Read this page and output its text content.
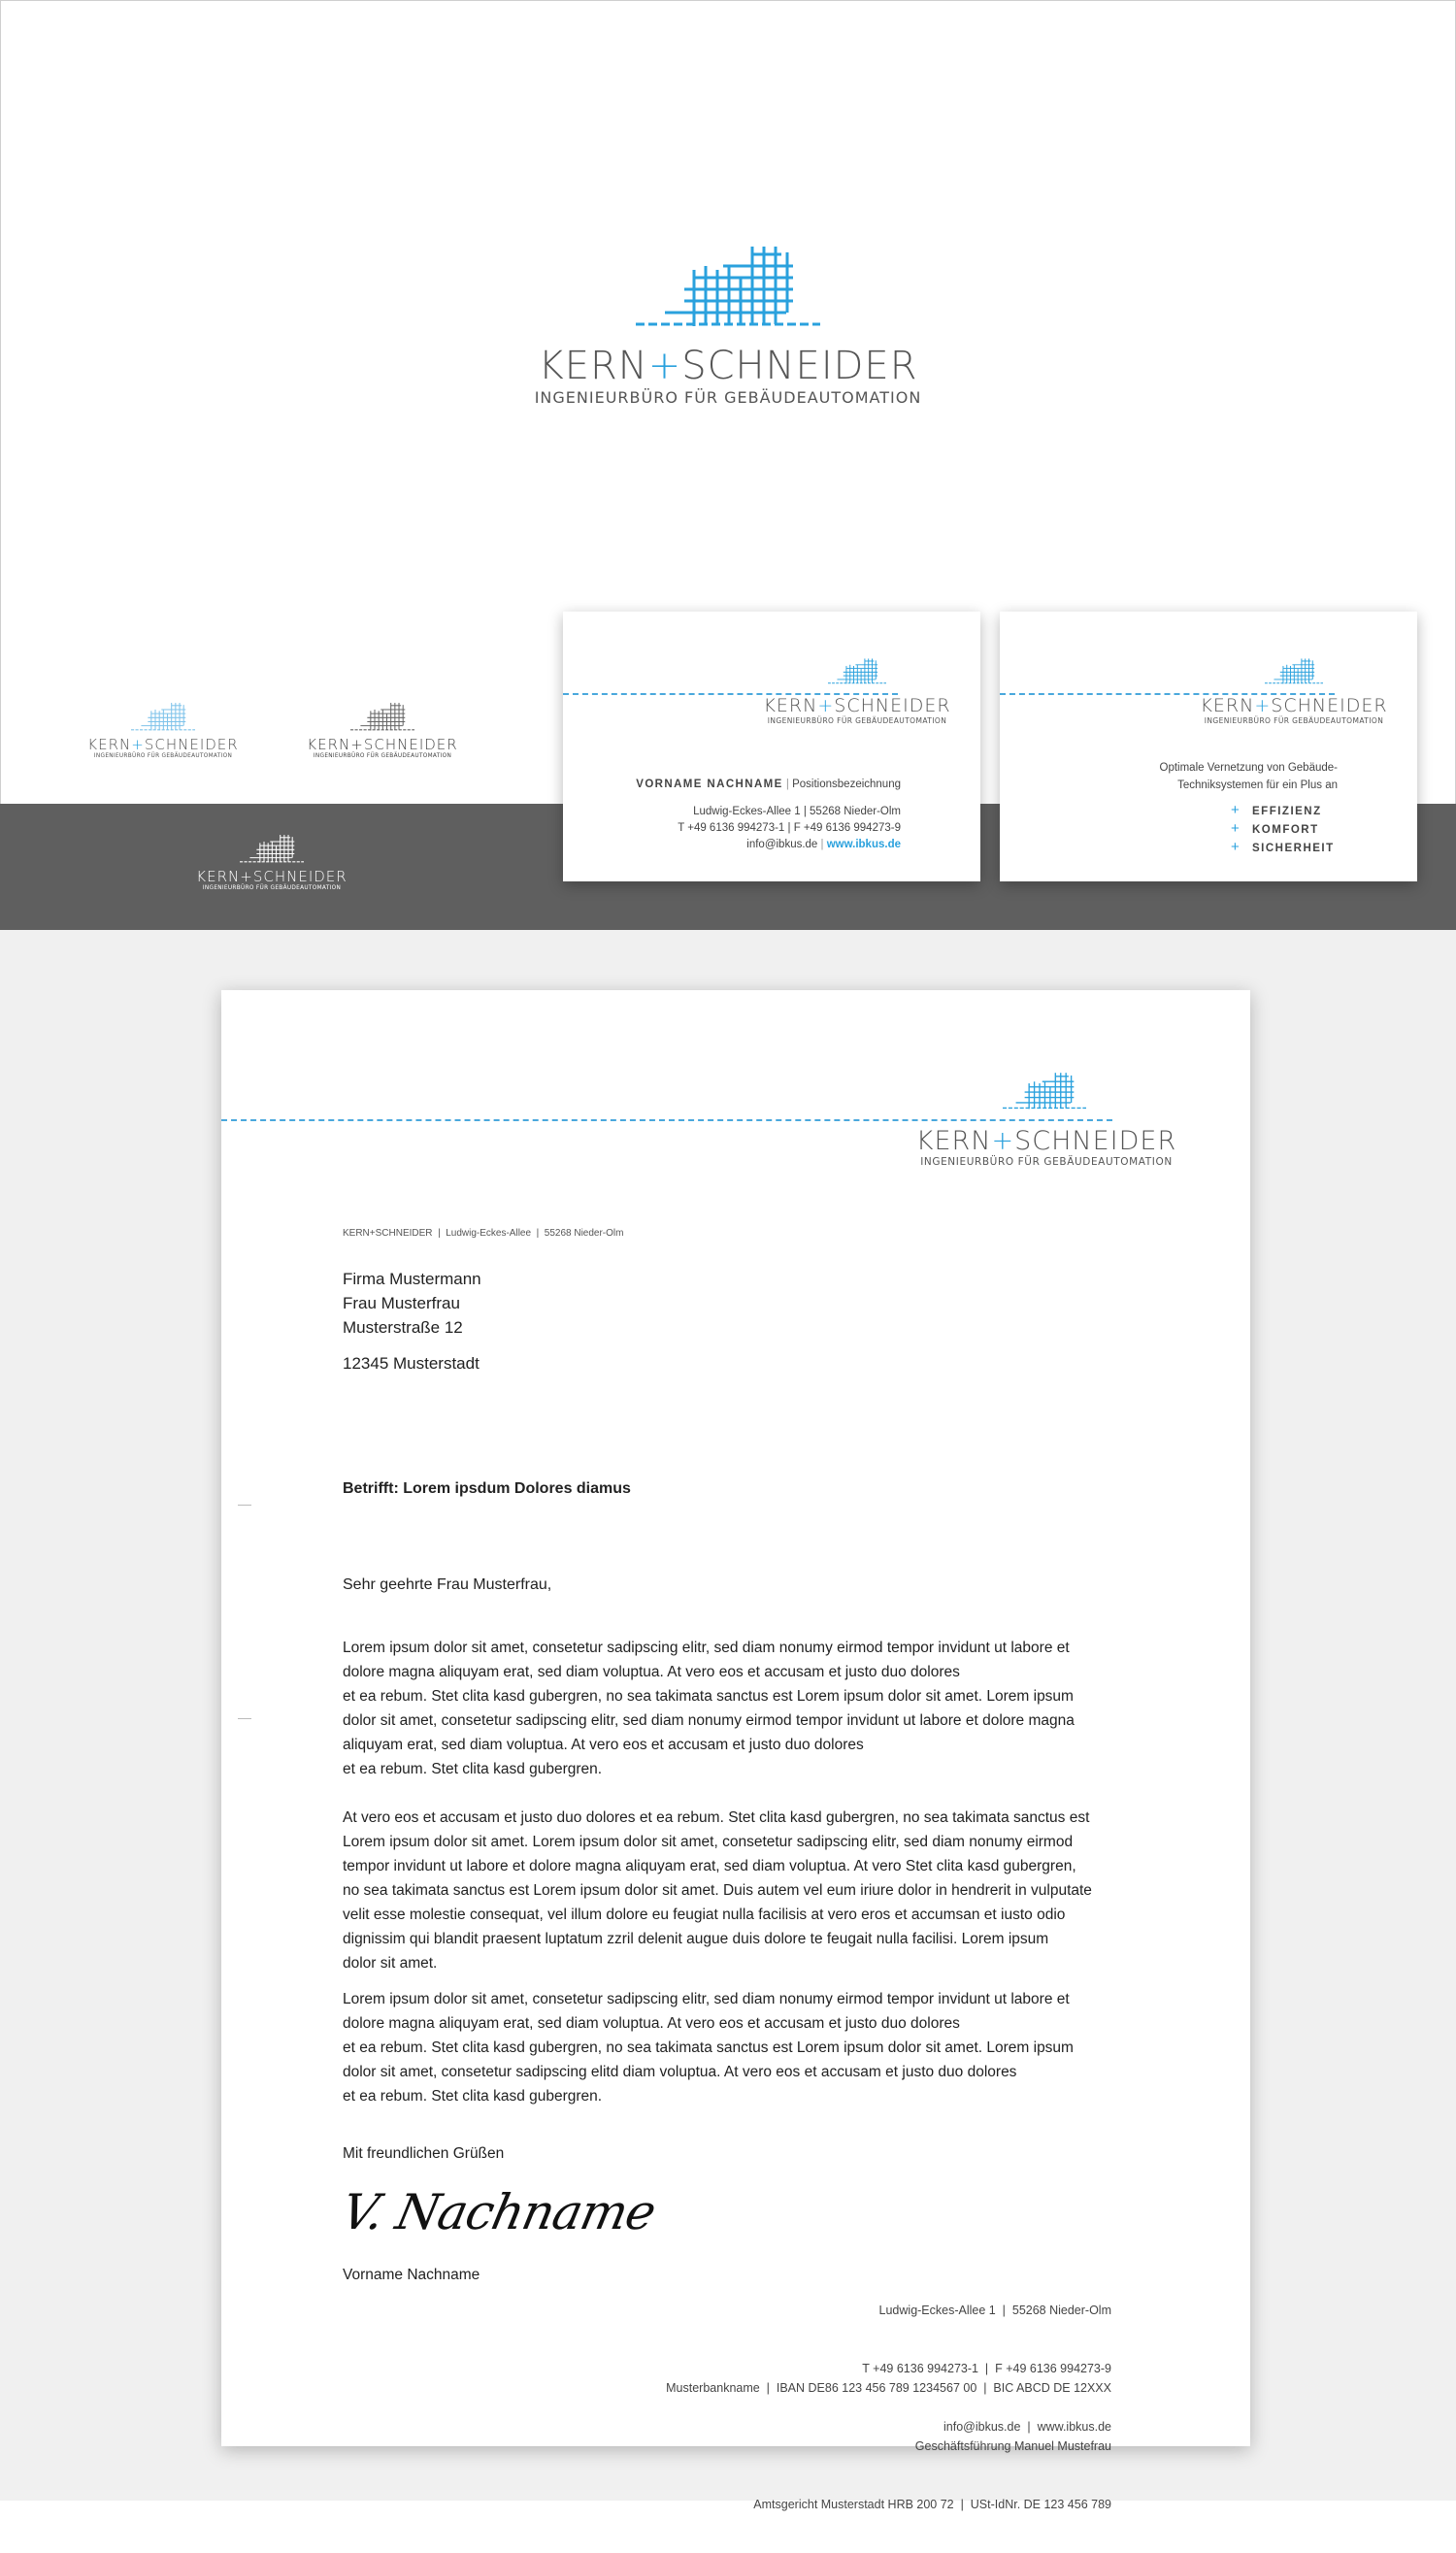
KERN+SCHNEIDER
INGENIEURBÜRO FÜR GEBÄUDEAUTOMATION
KERN+SCHNEIDER
INGENIEURBÜRO FÜR GEBÄUDEAUTOMATION
KERN+SCHNEIDER
INGENIEURBÜRO FÜR GEBÄUDEAUTOMATION
KERN+SCHNEIDER
INGENIEURBÜRO FÜR GEBÄUDEAUTOMATION
KERN+SCHNEIDER
INGENIEURBÜRO FÜR GEBÄUDEAUTOMATION
VORNAME NACHNAME | Positionsbezeichnung
Ludwig-Eckes-Allee 1 | 55268 Nieder-Olm
T +49 6136 994273-1 | F +49 6136 994273-9
info@ibkus.de | www.ibkus.de
KERN+SCHNEIDER
INGENIEURBÜRO FÜR GEBÄUDEAUTOMATION
Optimale Vernetzung von Gebäude-
Techniksystemen für ein Plus an
+ EFFIZIENZ
+ KOMFORT
+ SICHERHEIT
KERN+SCHNEIDER
INGENIEURBÜRO FÜR GEBÄUDEAUTOMATION
KERN+SCHNEIDER  |  Ludwig-Eckes-Allee  |  55268 Nieder-Olm
Firma Mustermann
Frau Musterfrau
Musterstraße 12
12345 Musterstadt
Betrifft: Lorem ipsdum Dolores diamus
Sehr geehrte Frau Musterfrau,
Lorem ipsum dolor sit amet, consetetur sadipscing elitr, sed diam nonumy eirmod tempor invidunt ut labore et
dolore magna aliquyam erat, sed diam voluptua. At vero eos et accusam et justo duo dolores
et ea rebum. Stet clita kasd gubergren, no sea takimata sanctus est Lorem ipsum dolor sit amet. Lorem ipsum
dolor sit amet, consetetur sadipscing elitr, sed diam nonumy eirmod tempor invidunt ut labore et dolore magna
aliquyam erat, sed diam voluptua. At vero eos et accusam et justo duo dolores
et ea rebum. Stet clita kasd gubergren.
At vero eos et accusam et justo duo dolores et ea rebum. Stet clita kasd gubergren, no sea takimata sanctus est
Lorem ipsum dolor sit amet. Lorem ipsum dolor sit amet, consetetur sadipscing elitr, sed diam nonumy eirmod
tempor invidunt ut labore et dolore magna aliquyam erat, sed diam voluptua. At vero Stet clita kasd gubergren,
no sea takimata sanctus est Lorem ipsum dolor sit amet. Duis autem vel eum iriure dolor in hendrerit in vulputate
velit esse molestie consequat, vel illum dolore eu feugiat nulla facilisis at vero eros et accumsan et iusto odio
dignissim qui blandit praesent luptatum zzril delenit augue duis dolore te feugait nulla facilisi. Lorem ipsum
dolor sit amet.
Lorem ipsum dolor sit amet, consetetur sadipscing elitr, sed diam nonumy eirmod tempor invidunt ut labore et
dolore magna aliquyam erat, sed diam voluptua. At vero eos et accusam et justo duo dolores
et ea rebum. Stet clita kasd gubergren, no sea takimata sanctus est Lorem ipsum dolor sit amet. Lorem ipsum
dolor sit amet, consetetur sadipscing elitd diam voluptua. At vero eos et accusam et justo duo dolores
et ea rebum. Stet clita kasd gubergren.
Mit freundlichen Grüßen
V. Nachname
Vorname Nachname

Ludwig-Eckes-Allee 1  |  55268 Nieder-Olm

T +49 6136 994273-1  |  F +49 6136 994273-9

info@ibkus.de  |  www.ibkus.de

Musterbankname  |  IBAN DE86 123 456 789 1234567 00  |  BIC ABCD DE 12XXX

Geschäftsführung Manuel Mustefrau

Amtsgericht Musterstadt HRB 200 72  |  USt-IdNr. DE 123 456 789
